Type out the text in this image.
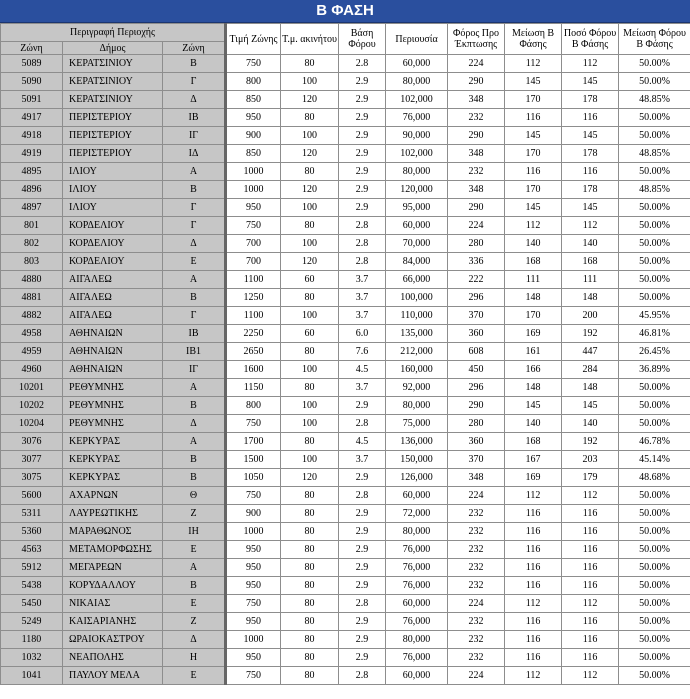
Β ΦΑΣΗ
Περιγραφή Περιοχής			Τιμή Ζώνης	Τ.μ. ακινήτου	Βάση Φόρου	Περιουσία	Φόρος Προ Έκπτωσης	Μείωση Β Φάσης	Ποσό Φόρου Β Φάσης	Μείωση Φόρου Β Φάσης
Ζώνη	Δήμος	Ζώνη								
5089	ΚΕΡΑΤΣΙΝΙΟΥ	Β	750	80	2.8	60,000	224	112	112	50.00%
5090	ΚΕΡΑΤΣΙΝΙΟΥ	Γ	800	100	2.9	80,000	290	145	145	50.00%
5091	ΚΕΡΑΤΣΙΝΙΟΥ	Δ	850	120	2.9	102,000	348	170	178	48.85%
4917	ΠΕΡΙΣΤΕΡΙΟΥ	ΙΒ	950	80	2.9	76,000	232	116	116	50.00%
4918	ΠΕΡΙΣΤΕΡΙΟΥ	ΙΓ	900	100	2.9	90,000	290	145	145	50.00%
4919	ΠΕΡΙΣΤΕΡΙΟΥ	ΙΔ	850	120	2.9	102,000	348	170	178	48.85%
4895	ΙΛΙΟΥ	Α	1000	80	2.9	80,000	232	116	116	50.00%
4896	ΙΛΙΟΥ	Β	1000	120	2.9	120,000	348	170	178	48.85%
4897	ΙΛΙΟΥ	Γ	950	100	2.9	95,000	290	145	145	50.00%
801	ΚΟΡΔΕΛΙΟΥ	Γ	750	80	2.8	60,000	224	112	112	50.00%
802	ΚΟΡΔΕΛΙΟΥ	Δ	700	100	2.8	70,000	280	140	140	50.00%
803	ΚΟΡΔΕΛΙΟΥ	Ε	700	120	2.8	84,000	336	168	168	50.00%
4880	ΑΙΓΑΛΕΩ	Α	1100	60	3.7	66,000	222	111	111	50.00%
4881	ΑΙΓΑΛΕΩ	Β	1250	80	3.7	100,000	296	148	148	50.00%
4882	ΑΙΓΑΛΕΩ	Γ	1100	100	3.7	110,000	370	170	200	45.95%
4958	ΑΘΗΝΑΙΩΝ	ΙΒ	2250	60	6.0	135,000	360	169	192	46.81%
4959	ΑΘΗΝΑΙΩΝ	ΙΒ1	2650	80	7.6	212,000	608	161	447	26.45%
4960	ΑΘΗΝΑΙΩΝ	ΙΓ	1600	100	4.5	160,000	450	166	284	36.89%
10201	ΡΕΘΥΜΝΗΣ	Α	1150	80	3.7	92,000	296	148	148	50.00%
10202	ΡΕΘΥΜΝΗΣ	Β	800	100	2.9	80,000	290	145	145	50.00%
10204	ΡΕΘΥΜΝΗΣ	Δ	750	100	2.8	75,000	280	140	140	50.00%
3076	ΚΕΡΚΥΡΑΣ	Α	1700	80	4.5	136,000	360	168	192	46.78%
3077	ΚΕΡΚΥΡΑΣ	Β	1500	100	3.7	150,000	370	167	203	45.14%
3075	ΚΕΡΚΥΡΑΣ	Β	1050	120	2.9	126,000	348	169	179	48.68%
5600	ΑΧΑΡΝΩΝ	Θ	750	80	2.8	60,000	224	112	112	50.00%
5311	ΛΑΥΡΕΩΤΙΚΗΣ	Ζ	900	80	2.9	72,000	232	116	116	50.00%
5360	ΜΑΡΑΘΩΝΟΣ	ΙΗ	1000	80	2.9	80,000	232	116	116	50.00%
4563	ΜΕΤΑΜΟΡΦΩΣΗΣ	Ε	950	80	2.9	76,000	232	116	116	50.00%
5912	ΜΕΓΑΡΕΩΝ	Α	950	80	2.9	76,000	232	116	116	50.00%
5438	ΚΟΡΥΔΑΛΛΟΥ	Β	950	80	2.9	76,000	232	116	116	50.00%
5450	ΝΙΚΑΙΑΣ	Ε	750	80	2.8	60,000	224	112	112	50.00%
5249	ΚΑΙΣΑΡΙΑΝΗΣ	Ζ	950	80	2.9	76,000	232	116	116	50.00%
1180	ΩΡΑΙΟΚΑΣΤΡΟΥ	Δ	1000	80	2.9	80,000	232	116	116	50.00%
1032	ΝΕΑΠΟΛΗΣ	Η	950	80	2.9	76,000	232	116	116	50.00%
1041	ΠΑΥΛΟΥ ΜΕΛΑ	Ε	750	80	2.8	60,000	224	112	112	50.00%
